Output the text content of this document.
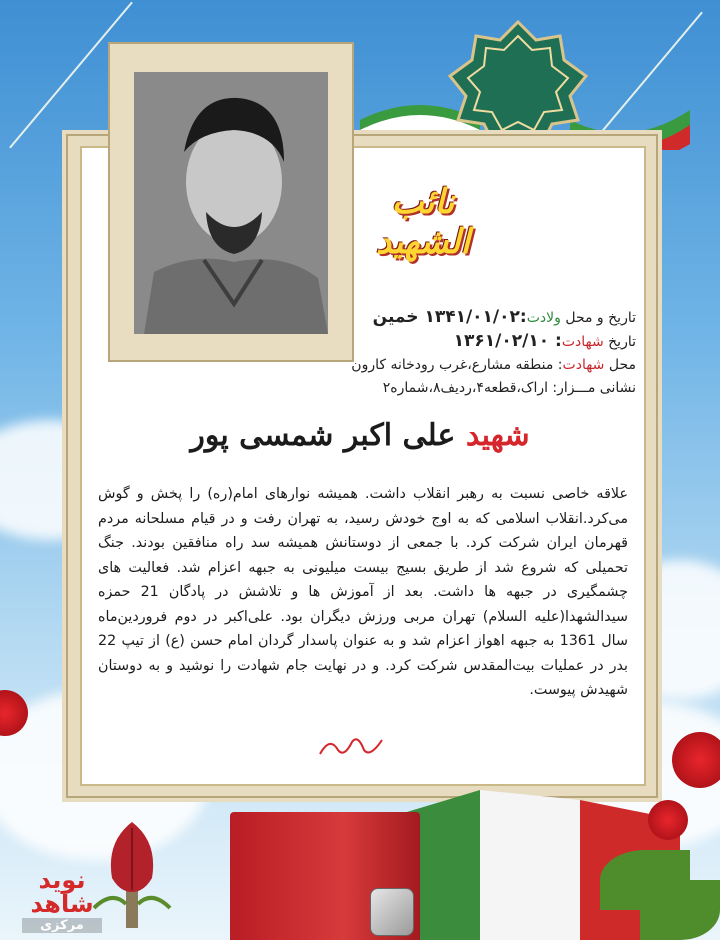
نائب الشهید
تاریخ و محل ولادت:۱۳۴۱/۰۱/۰۲ خمین
تاریخ شهادت: ۱۳۶۱/۰۲/۱۰
محل شهادت: منطقه مشارع،غرب رودخانه کارون
نشانی مـــزار: اراک،قطعه۴،ردیف۸،شماره۲
شهید علی اکبر شمسی پور
علاقه خاصی نسبت به رهبر انقلاب داشت. همیشه نوارهای امام(ره) را پخش و گوش می‌کرد.انقلاب اسلامی که به اوج خودش رسید، به تهران رفت و در قیام مسلحانه مردم قهرمان ایران شرکت کرد. با جمعی از دوستانش همیشه سد راه منافقین بودند. جنگ تحمیلی که شروع شد از طریق بسیج بیست میلیونی به جبهه اعزام شد. فعالیت های چشمگیری در جبهه ها داشت. بعد از آموزش ها و تلاشش در پادگان 21 حمزه سیدالشهدا(علیه السلام) تهران مربی ورزش دیگران بود. علی‌اکبر در دوم فروردین‌ماه سال 1361 به جبهه اهواز اعزام شد و به عنوان پاسدار گردان امام حسن (ع) از تیپ 22 بدر در عملیات بیت‌المقدس شرکت کرد. و در نهایت جام شهادت را نوشید و به دوستان شهیدش پیوست.
نوید شاهد
مرکزی
